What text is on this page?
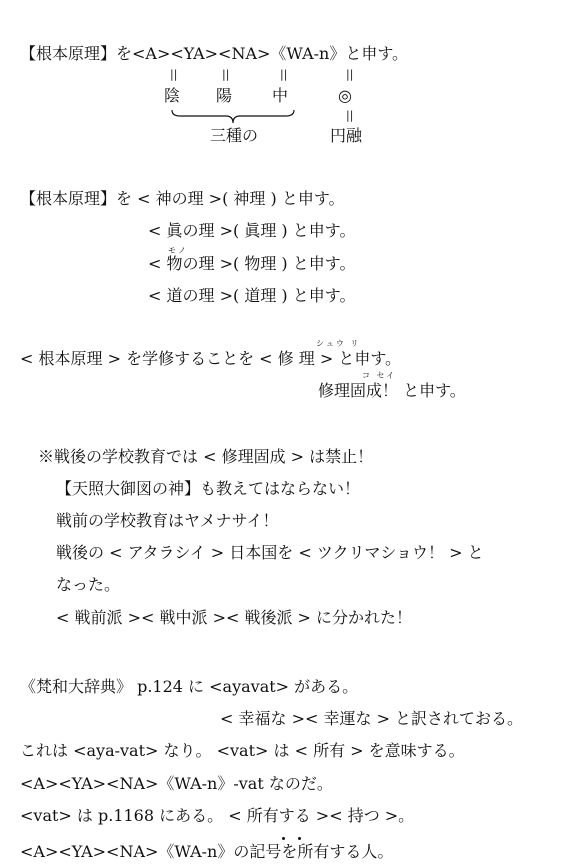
【根本原理】を<A><YA><NA>《WA-n》と申す。
||	||	||	||
陰 陽 中	◎
||
三種の	円融
【根本原理】を < 神の理 >( 神理 ) と申す。
< 眞の理 >( 眞理 ) と申す。
モノ
< 物の理 >( 物理 ) と申す。
< 道の理 >( 道理 ) と申す。
シュウ リ
< 根本原理 > を学修することを < 修 理 > と申す。
コ セイ
修理固成！ と申す。
※戦後の学校教育では < 修理固成 > は禁止！
【天照大御図の神】も教えてはならない！
戦前の学校教育はヤメナサイ！
戦後の < アタラシイ > 日本国を < ツクリマショウ！ > と
なった。
< 戦前派 >< 戦中派 >< 戦後派 > に分かれた！
《梵和大辞典》 p.124 に <ayavat> がある。
< 幸福な >< 幸運な > と訳されておる。
これは <aya-vat> なり。 <vat> は < 所有 > を意味する。
<A><YA><NA>《WA-n》-vat なのだ。
<vat> は p.1168 にある。 < 所有する >< 持つ >。
<A><YA><NA>《WA-n》の記号を所有する人。
